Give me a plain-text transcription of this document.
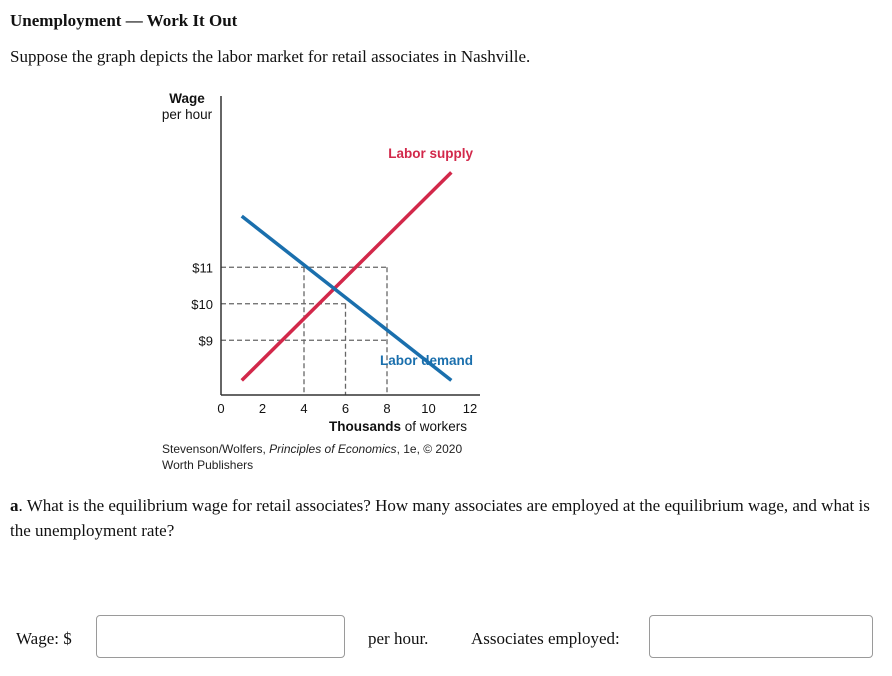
Unemployment — Work It Out
Suppose the graph depicts the labor market for retail associates in Nashville.
Labor supply
Labor demand
$11
$10
$9
0	2	4	6	8 10 12
Wage
per hour
Thousands of workers
Stevenson/Wolfers, Principles of Economics, 1e, © 2020
Worth Publishers
a. What is the equilibrium wage for retail associates? How many associates are employed at the equilibrium wage, and what is the unemployment rate?
Wage: $	per hour.	Associates employed:
